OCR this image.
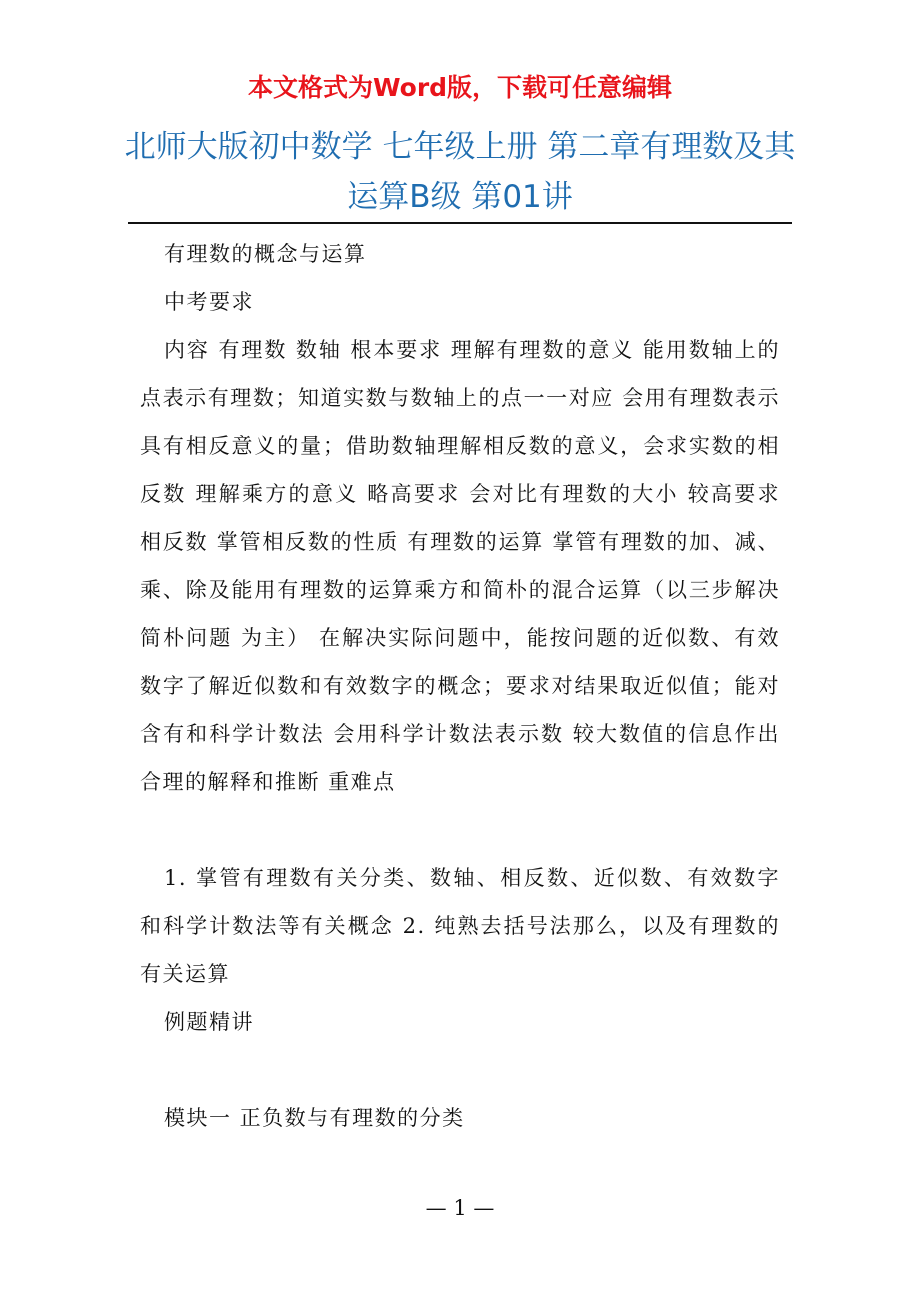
本文格式为Word版，下载可任意编辑
北师大版初中数学 七年级上册 第二章有理数及其运算B级 第01讲

有理数的概念与运算

中考要求

内容 有理数 数轴 根本要求 理解有理数的意义 能用数轴上的点表示有理数；知道实数与数轴上的点一一对应 会用有理数表示具有相反意义的量；借助数轴理解相反数的意义，会求实数的相反数 理解乘方的意义 略高要求 会对比有理数的大小 较高要求 相反数 掌管相反数的性质 有理数的运算 掌管有理数的加、减、乘、除及能用有理数的运算乘方和简朴的混合运算（以三步解决简朴问题 为主） 在解决实际问题中，能按问题的近似数、有效数字了解近似数和有效数字的概念；要求对结果取近似值；能对含有和科学计数法 会用科学计数法表示数 较大数值的信息作出合理的解释和推断 重难点

1. 掌管有理数有关分类、数轴、相反数、近似数、有效数字和科学计数法等有关概念 2. 纯熟去括号法那么，以及有理数的有关运算

例题精讲

模块一 正负数与有理数的分类

— 1 —
